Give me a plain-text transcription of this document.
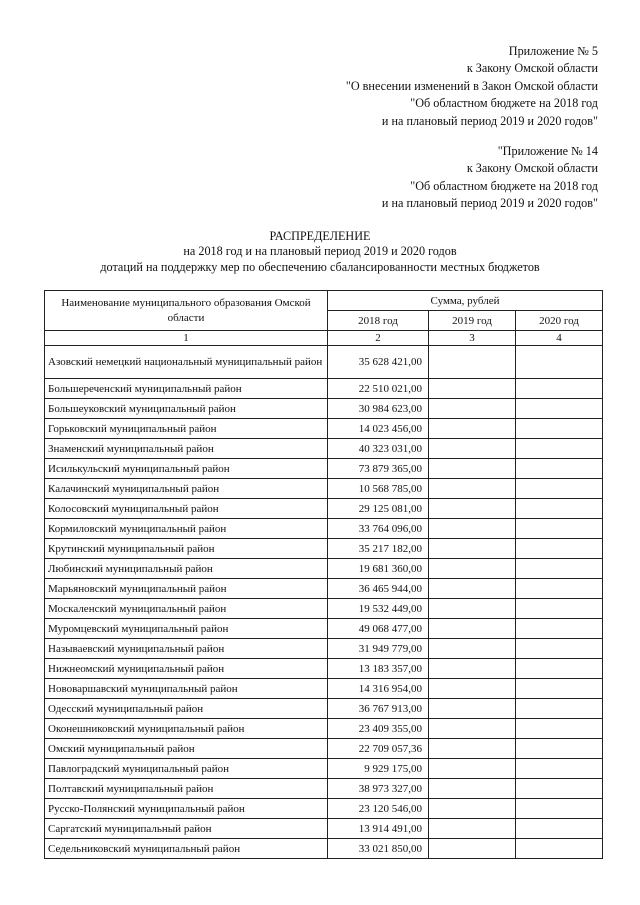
Приложение № 5
к Закону Омской области
"О внесении изменений в Закон Омской области
"Об областном бюджете на 2018 год
и на плановый период 2019 и 2020 годов"
"Приложение № 14
к Закону Омской области
"Об областном бюджете на 2018 год
и на плановый период 2019 и 2020 годов"
РАСПРЕДЕЛЕНИЕ
на 2018 год и на плановый период 2019 и 2020 годов
дотаций на поддержку мер по обеспечению сбалансированности местных бюджетов
Наименование муниципального образования Омской области	Сумма, рублей		
	2018 год	2019 год	2020 год
1	2	3	4
Азовский немецкий национальный муниципальный район	35 628 421,00		
Большереченский муниципальный район	22 510 021,00		
Большеуковский муниципальный район	30 984 623,00		
Горьковский муниципальный район	14 023 456,00		
Знаменский муниципальный район	40 323 031,00		
Исилькульский муниципальный район	73 879 365,00		
Калачинский муниципальный район	10 568 785,00		
Колосовский муниципальный район	29 125 081,00		
Кормиловский муниципальный район	33 764 096,00		
Крутинский муниципальный район	35 217 182,00		
Любинский муниципальный район	19 681 360,00		
Марьяновский муниципальный район	36 465 944,00		
Москаленский муниципальный район	19 532 449,00		
Муромцевский муниципальный район	49 068 477,00		
Называевский муниципальный район	31 949 779,00		
Нижнеомский муниципальный район	13 183 357,00		
Нововаршавский муниципальный район	14 316 954,00		
Одесский муниципальный район	36 767 913,00		
Оконешниковский муниципальный район	23 409 355,00		
Омский муниципальный район	22 709 057,36		
Павлоградский муниципальный район	9 929 175,00		
Полтавский муниципальный район	38 973 327,00		
Русско-Полянский муниципальный район	23 120 546,00		
Саргатский муниципальный район	13 914 491,00		
Седельниковский муниципальный район	33 021 850,00		
